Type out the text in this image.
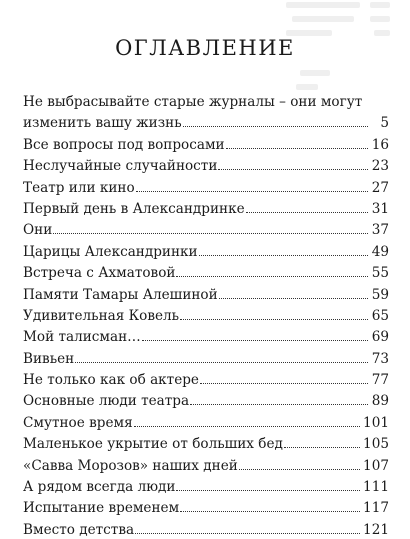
ОГЛАВЛЕНИЕ
Не выбрасывайте старые журналы – они могут
изменить вашу жизнь	5
Все вопросы под вопросами	16
Неслучайные случайности	23
Театр или кино	27
Первый день в Александринке	31
Они	37
Царицы Александринки	49
Встреча с Ахматовой	55
Памяти Тамары Алешиной	59
Удивительная Ковель	65
Мой талисман…	69
Вивьен	73
Не только как об актере	77
Основные люди театра	89
Смутное время	101
Маленькое укрытие от больших бед	105
«Савва Морозов» наших дней	107
А рядом всегда люди	111
Испытание временем	117
Вместо детства	121
